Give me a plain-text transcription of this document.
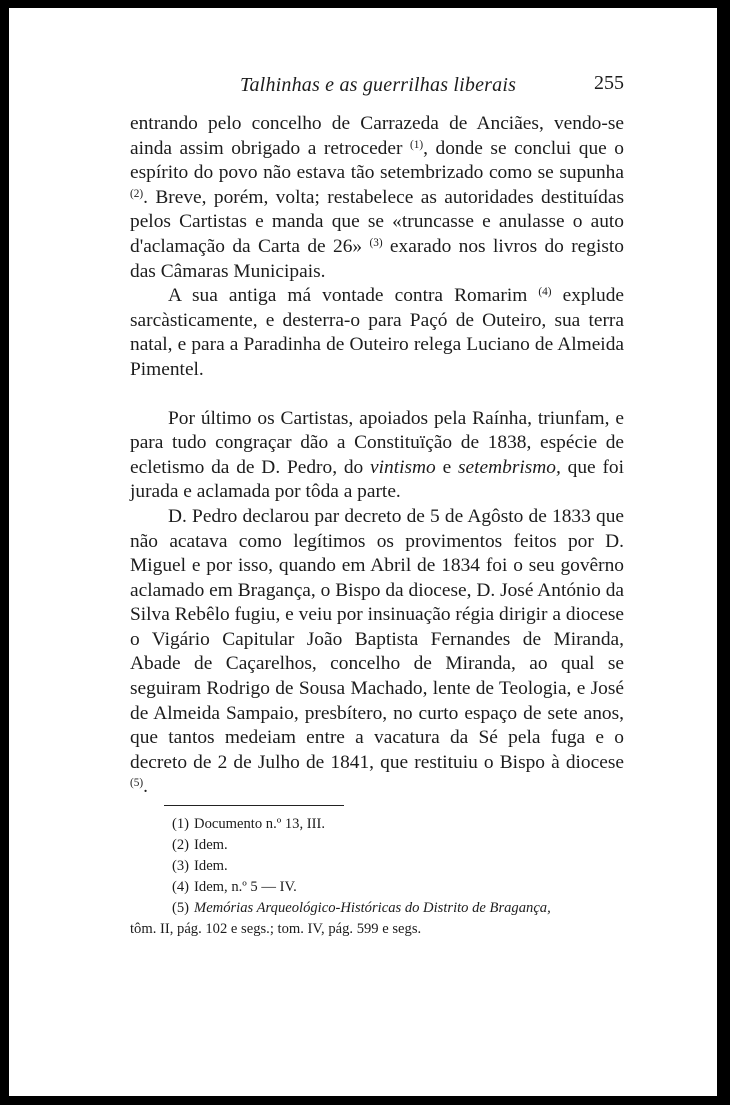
Talhinhas e as guerrilhas liberais	255

entrando pelo concelho de Carrazeda de Anciães, vendo-se ainda assim obrigado a retroceder $^{(1)}$, donde se conclui que o espírito do povo não estava tão setembrizado como se supunha $^{(2)}$. Breve, porém, volta; restabelece as autoridades destituídas pelos Cartistas e manda que se «truncasse e anulasse o auto d'aclamação da Carta de 26» $^{(3)}$ exarado nos livros do registo das Câmaras Municipais.

A sua antiga má vontade contra Romarim $^{(4)}$ explude sarcàsticamente, e desterra-o para Paçó de Outeiro, sua terra natal, e para a Paradinha de Outeiro relega Luciano de Almeida Pimentel.

Por último os Cartistas, apoiados pela Raínha, triunfam, e para tudo congraçar dão a Constituïção de 1838, espécie de ecletismo da de D. Pedro, do vintismo e setembrismo, que foi jurada e aclamada por tôda a parte.

D. Pedro declarou par decreto de 5 de Agôsto de 1833 que não acatava como legítimos os provimentos feitos por D. Miguel e por isso, quando em Abril de 1834 foi o seu govêrno aclamado em Bragança, o Bispo da diocese, D. José António da Silva Rebêlo fugiu, e veiu por insinuação régia dirigir a diocese o Vigário Capitular João Baptista Fernandes de Miranda, Abade de Caçarelhos, concelho de Miranda, ao qual se seguiram Rodrigo de Sousa Machado, lente de Teologia, e José de Almeida Sampaio, presbítero, no curto espaço de sete anos, que tantos medeiam entre a vacatura da Sé pela fuga e o decreto de 2 de Julho de 1841, que restituiu o Bispo à diocese $^{(5)}$.

(1) Documento n.º 13, III.
(2) Idem.
(3) Idem.
(4) Idem, n.º 5 — IV.
(5) Memórias Arqueológico-Históricas do Distrito de Bragança,
tôm. II, pág. 102 e segs.; tom. IV, pág. 599 e segs.
